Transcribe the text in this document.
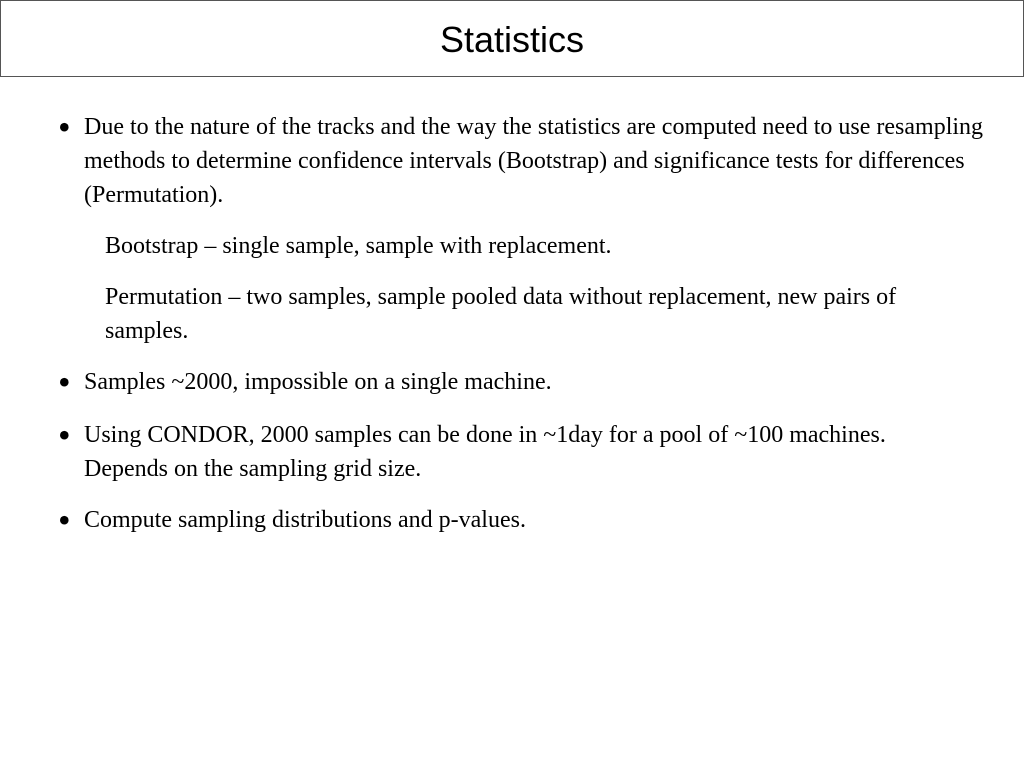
Statistics
• Due to the nature of the tracks and the way the statistics are computed need to use resampling methods to determine confidence intervals (Bootstrap) and significance tests for differences (Permutation).

Bootstrap – single sample, sample with replacement.

Permutation – two samples, sample pooled data without replacement, new pairs of samples.

• Samples ~2000, impossible on a single machine.

• Using CONDOR, 2000 samples can be done in ~1day for a pool of ~100 machines. Depends on the sampling grid size.

• Compute sampling distributions and p-values.
